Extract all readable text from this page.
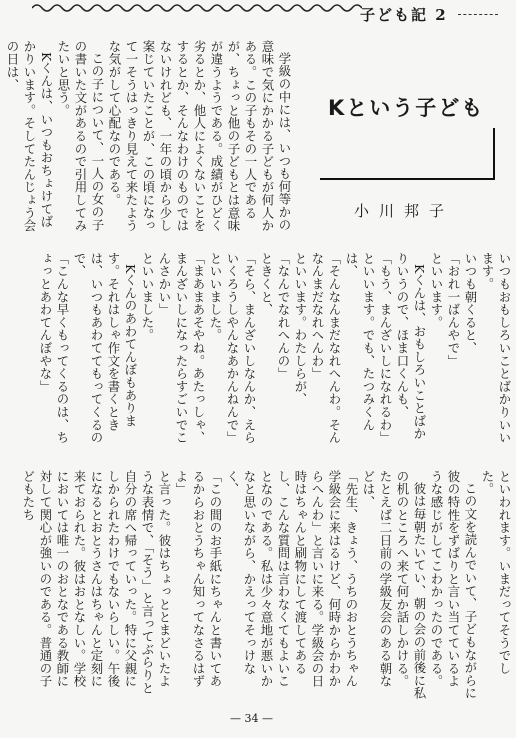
子ども記 2

学級の中には、いつも何等かの意味で気にかかる子どもが何人かある。この子もその一人であるが、ちょっと他の子どもとは意味が違うようである。成績がひどく劣るとか、他人によくないことをするとか、そんなわけのものではないけれども、一年の頃から少し案じていたことが、この頃になって一そうはっきり見えて来たような気がして心配なのである。

この子について、一人の女の子の書いた文があるので引用してみたいと思う。

Kくんは、いつもおちょけてばかりいます。そしてたんじょう会の日は、

Kという子ども
小川邦子

いつもおもしろいことばかりいいます。

いつも朝くると、

「おれ一ばんやで」

といいます。

Kくんは、おもしろいことばかりいうので、ほま口くんも、

「もう、まんざいしになれるわ」

といいます。でも、たつみくんは、

「そんなんまだなれへんわ。そんなんまだなれへんわ」

といいます。わたしらが、

「なんでなれへんの」

ときくと、

「そら、まんざいしなんか、えらいくろうしやんなあかんねんで」

といいました。

「まあまあそやね。あたっしゃ、まんざいしになったらすごいでこんさかい」

といいました。

Kくんのあわてんぼもあります。それはしゃ作文を書くときは、いつもあわててもってくるので、

「こんな早くもってくるのは、ちょっとあわてんぼやな」

といわれます。いまだってそうでした。

この文を読んでいて、子どもながらに彼の特性をずばりと言い当てているような感じがしてこわかったのである。

彼は毎朝たいてい、朝の会の前後に私の机のところへ来て何か話しかける。たとえば二日前の学級友会のある朝などは、

「先生、きょう、うちのおとうちゃん学級会に来はるけど、何時からかわからへんわ」と言いに来る。学級会の日時はちゃんと刷物にして渡してあるし、こんな質問は言わなくてもよいことなのである。私は少々意地が悪いかなと思いながら、かえってそっけなく、

「この間のお手紙にちゃんと書いてあるからおとうちゃん知ってなさるはずよ」

と言った。彼はちょっととまどいたような表情で、「そう」と言ってぶらりと自分の席へ帰っていった。特に父親にしかられたわけでもないらしい。午後になるとおとうさんはちゃんと定刻に来ておられた。彼はおとなしい。学校においては唯一のおとなである教師に対して関心が強いのである。普通の子どもたち

— 34 —
